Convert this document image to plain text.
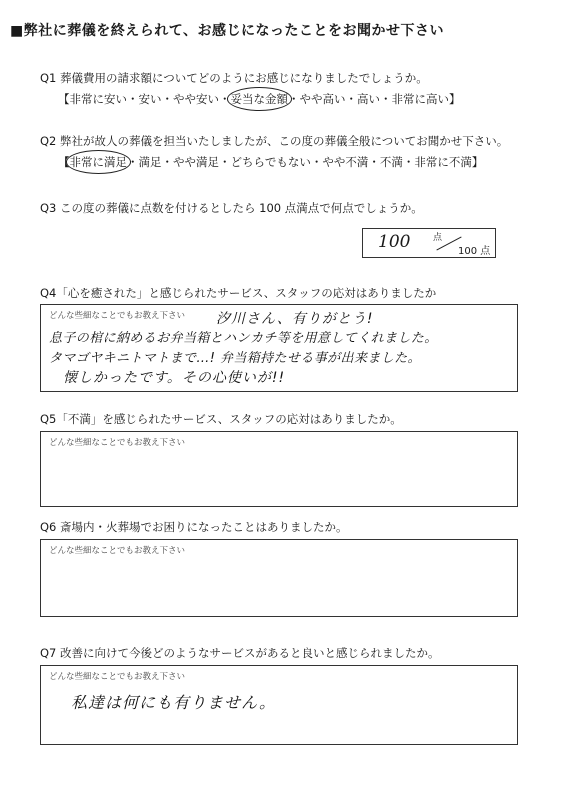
■弊社に葬儀を終えられて、お感じになったことをお聞かせ下さい
Q1 葬儀費用の請求額についてどのようにお感じになりましたでしょうか。
【非常に安い・安い・やや安い・妥当な金額・やや高い・高い・非常に高い】
Q2 弊社が故人の葬儀を担当いたしましたが、この度の葬儀全般についてお聞かせ下さい。
【非常に満足・満足・やや満足・どちらでもない・やや不満・不満・非常に不満】
Q3 この度の葬儀に点数を付けるとしたら 100 点満点で何点でしょうか。
100	点
100 点
Q4「心を癒された」と感じられたサービス、スタッフの応対はありましたか
どんな些細なことでもお教え下さい 汐川さん、有りがとう!
息子の棺に納めるお弁当箱とハンカチ等を用意してくれました。
タマゴヤキニトマトまで…! 弁当箱持たせる事が出来ました。
懐しかったです。その心使いが!!
Q5「不満」を感じられたサービス、スタッフの応対はありましたか。
どんな些細なことでもお教え下さい
Q6 斎場内・火葬場でお困りになったことはありましたか。
どんな些細なことでもお教え下さい
Q7 改善に向けて今後どのようなサービスがあると良いと感じられましたか。
どんな些細なことでもお教え下さい
私達は何にも有りません。
